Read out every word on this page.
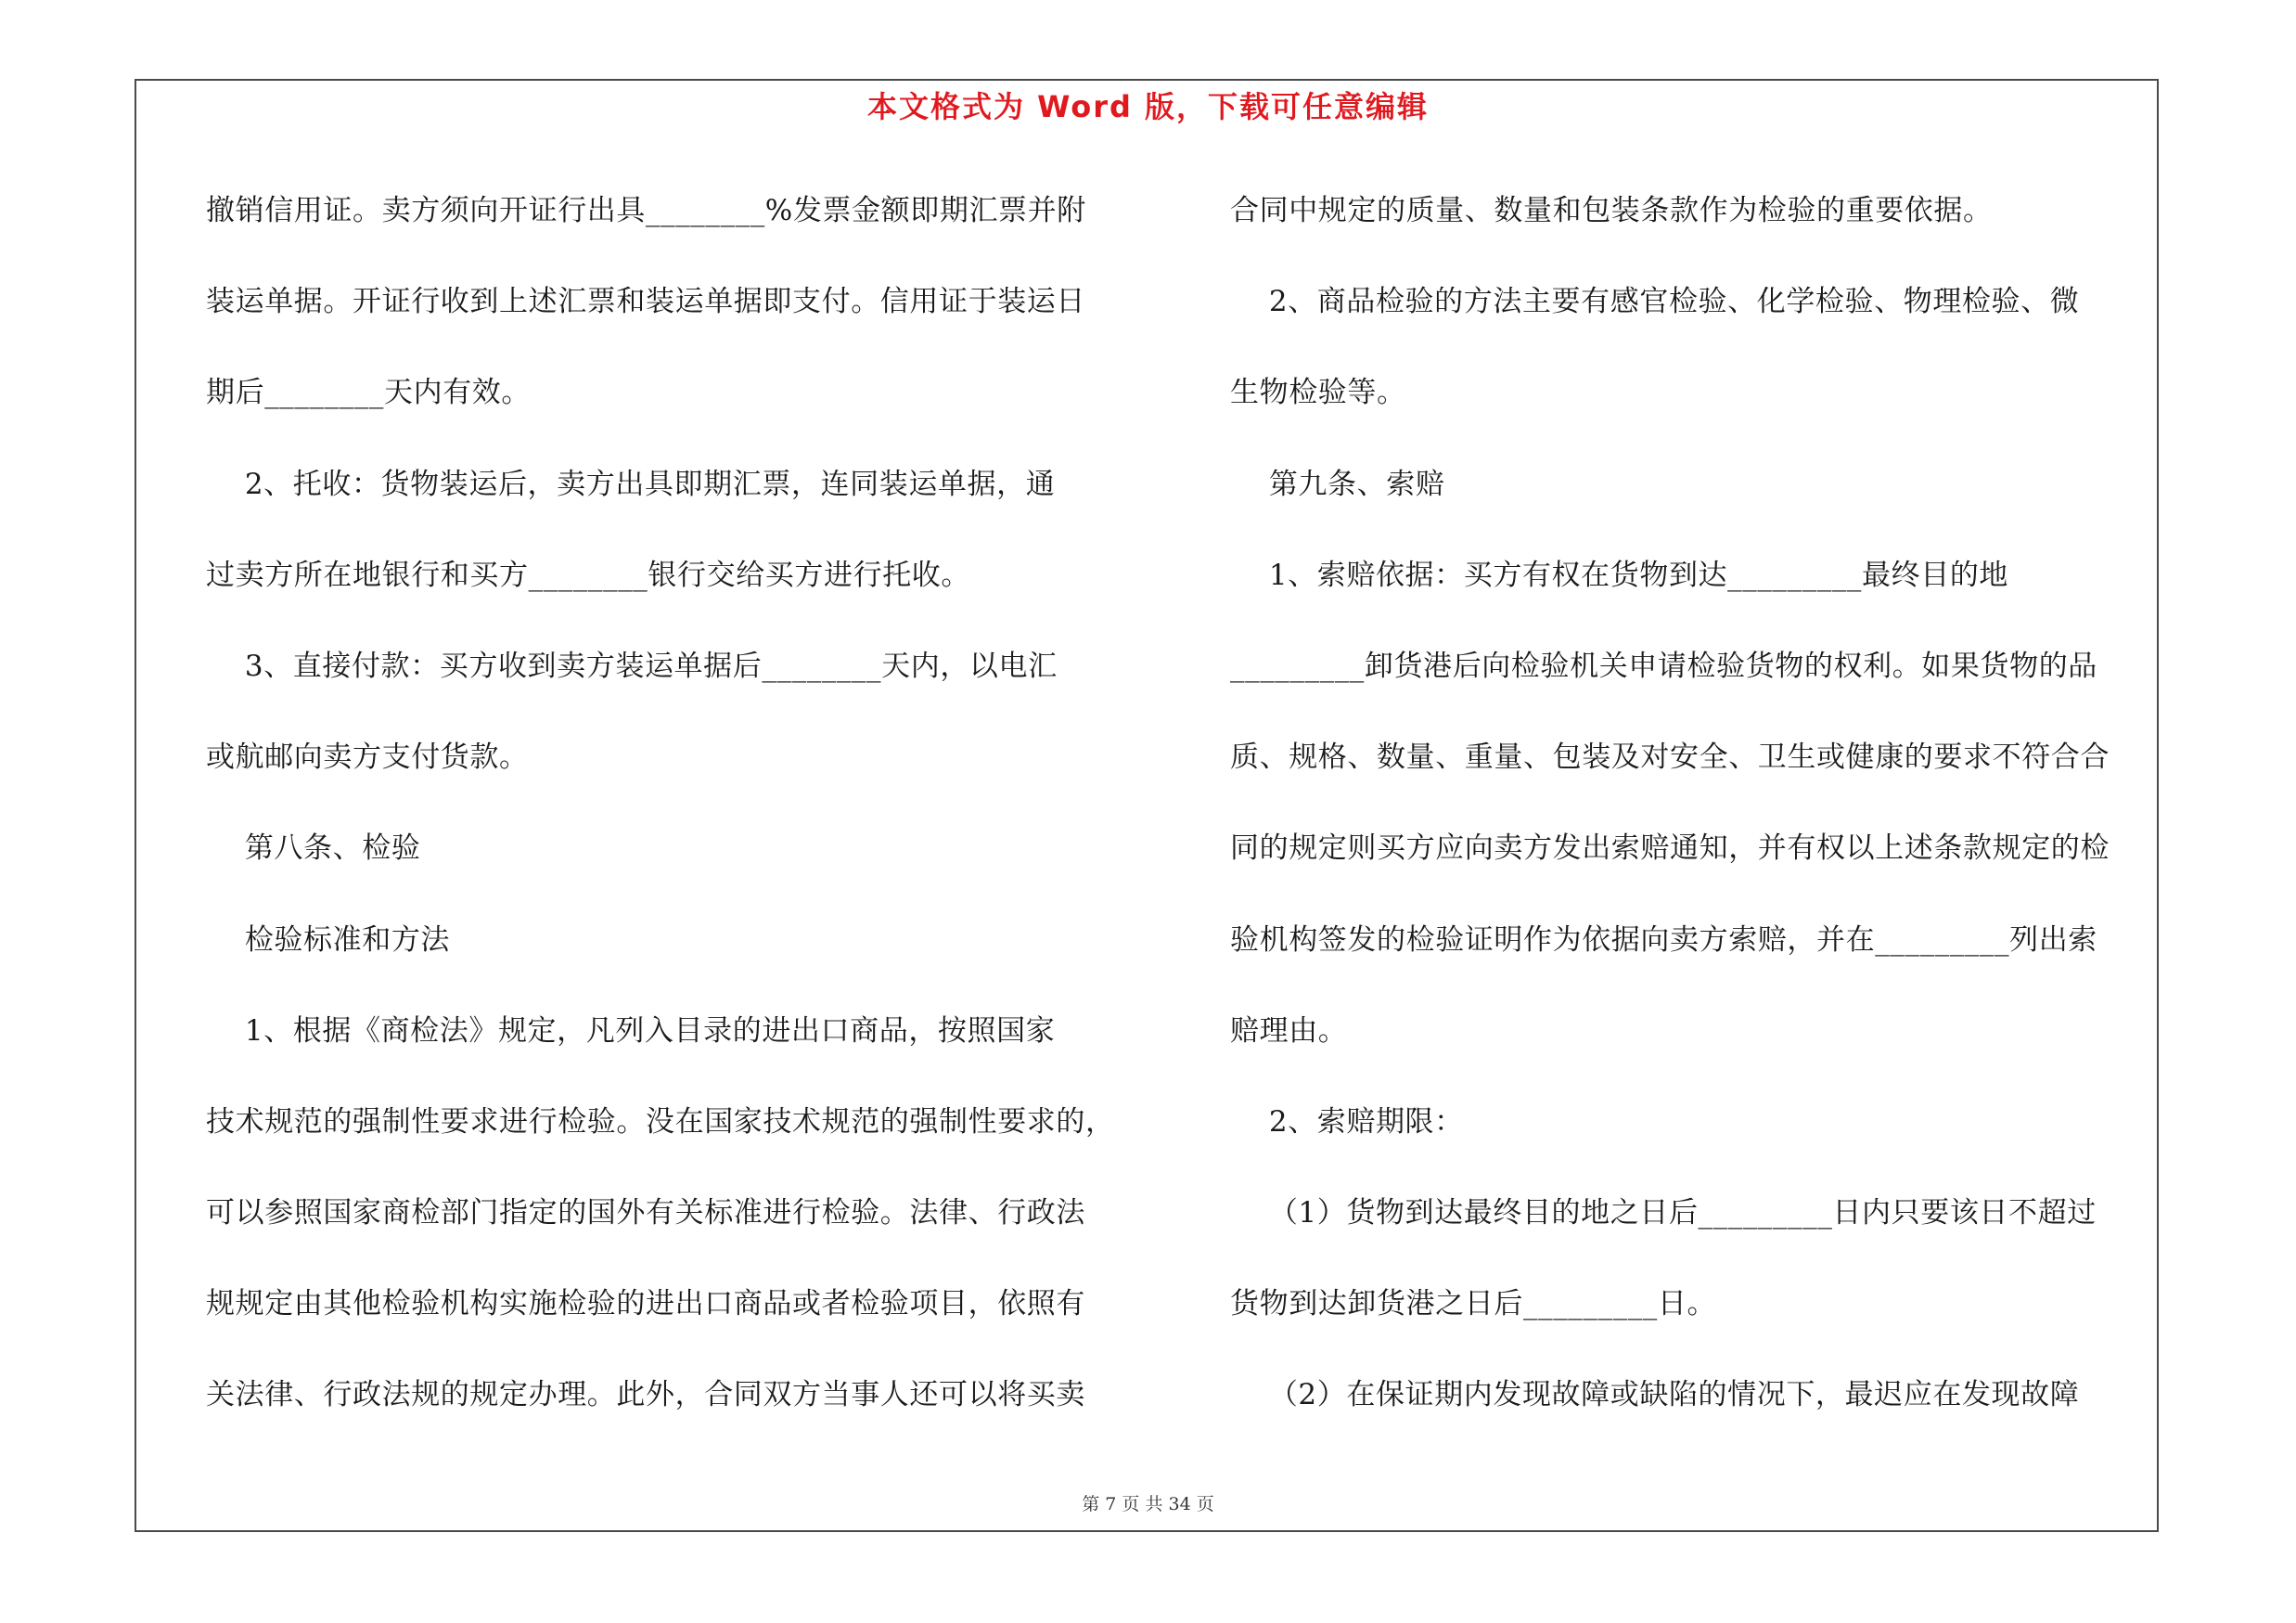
本文格式为 Word 版，下载可任意编辑
撤销信用证。卖方须向开证行出具________%发票金额即期汇票并附
装运单据。开证行收到上述汇票和装运单据即支付。信用证于装运日
期后________天内有效。
2、托收：货物装运后，卖方出具即期汇票，连同装运单据，通
过卖方所在地银行和买方________银行交给买方进行托收。
3、直接付款：买方收到卖方装运单据后________天内，以电汇
或航邮向卖方支付货款。
第八条、检验
检验标准和方法
1、根据《商检法》规定，凡列入目录的进出口商品，按照国家
技术规范的强制性要求进行检验。没在国家技术规范的强制性要求的，
可以参照国家商检部门指定的国外有关标准进行检验。法律、行政法
规规定由其他检验机构实施检验的进出口商品或者检验项目，依照有
关法律、行政法规的规定办理。此外，合同双方当事人还可以将买卖
合同中规定的质量、数量和包装条款作为检验的重要依据。
2、商品检验的方法主要有感官检验、化学检验、物理检验、微
生物检验等。
第九条、索赔
1、索赔依据：买方有权在货物到达_________最终目的地
_________卸货港后向检验机关申请检验货物的权利。如果货物的品
质、规格、数量、重量、包装及对安全、卫生或健康的要求不符合合
同的规定则买方应向卖方发出索赔通知，并有权以上述条款规定的检
验机构签发的检验证明作为依据向卖方索赔，并在_________列出索
赔理由。
2、索赔期限：
（1）货物到达最终目的地之日后_________日内只要该日不超过
货物到达卸货港之日后_________日。
（2）在保证期内发现故障或缺陷的情况下，最迟应在发现故障
第 7 页 共 34 页
